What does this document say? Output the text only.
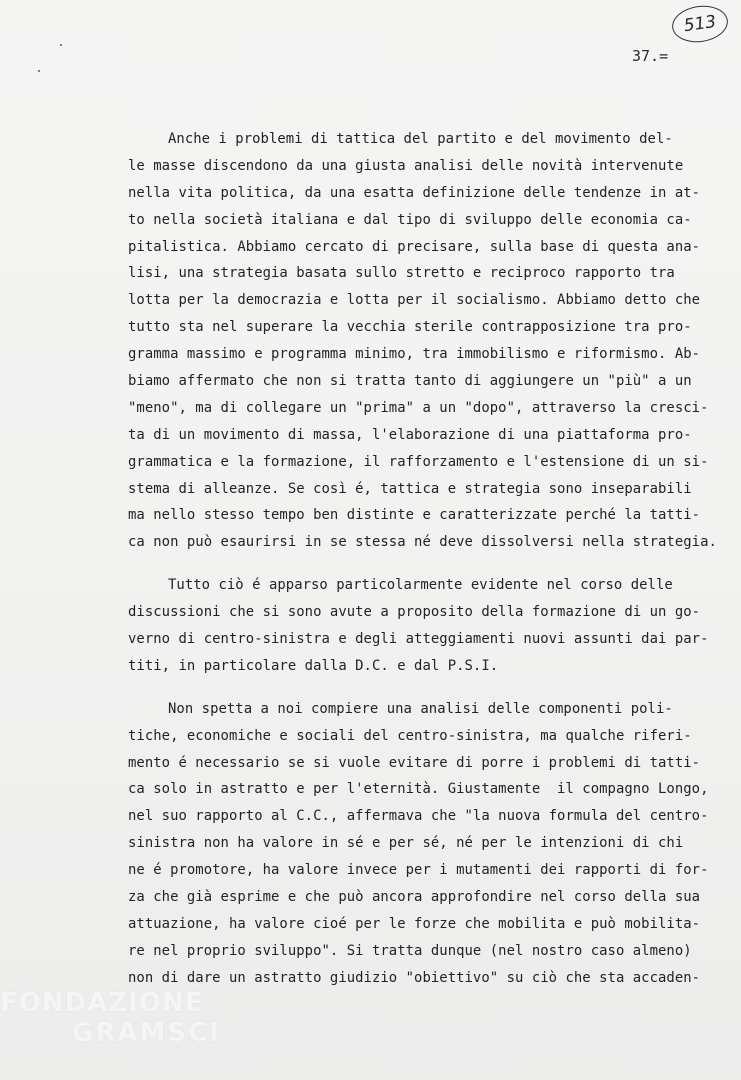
513
37.=
Anche i problemi di tattica del partito e del movimento del-
le masse discendono da una giusta analisi delle novità intervenute
nella vita politica, da una esatta definizione delle tendenze in at-
to nella società italiana e dal tipo di sviluppo delle economia ca-
pitalistica. Abbiamo cercato di precisare, sulla base di questa ana-
lisi, una strategia basata sullo stretto e reciproco rapporto tra
lotta per la democrazia e lotta per il socialismo. Abbiamo detto che
tutto sta nel superare la vecchia sterile contrapposizione tra pro-
gramma massimo e programma minimo, tra immobilismo e riformismo. Ab-
biamo affermato che non si tratta tanto di aggiungere un "più" a un
"meno", ma di collegare un "prima" a un "dopo", attraverso la cresci-
ta di un movimento di massa, l'elaborazione di una piattaforma pro-
grammatica e la formazione, il rafforzamento e l'estensione di un si-
stema di alleanze. Se così é, tattica e strategia sono inseparabili
ma nello stesso tempo ben distinte e caratterizzate perché la tatti-
ca non può esaurirsi in se stessa né deve dissolversi nella strategia.
Tutto ciò é apparso particolarmente evidente nel corso delle
discussioni che si sono avute a proposito della formazione di un go-
verno di centro-sinistra e degli atteggiamenti nuovi assunti dai par-
titi, in particolare dalla D.C. e dal P.S.I.
Non spetta a noi compiere una analisi delle componenti poli-
tiche, economiche e sociali del centro-sinistra, ma qualche riferi-
mento é necessario se si vuole evitare di porre i problemi di tatti-
ca solo in astratto e per l'eternità. Giustamente  il compagno Longo,
nel suo rapporto al C.C., affermava che "la nuova formula del centro-
sinistra non ha valore in sé e per sé, né per le intenzioni di chi
ne é promotore, ha valore invece per i mutamenti dei rapporti di for-
za che già esprime e che può ancora approfondire nel corso della sua
attuazione, ha valore cioé per le forze che mobilita e può mobilita-
re nel proprio sviluppo". Si tratta dunque (nel nostro caso almeno)
non di dare un astratto giudizio "obiettivo" su ciò che sta accaden-
FONDAZIONE
GRAMSCI
